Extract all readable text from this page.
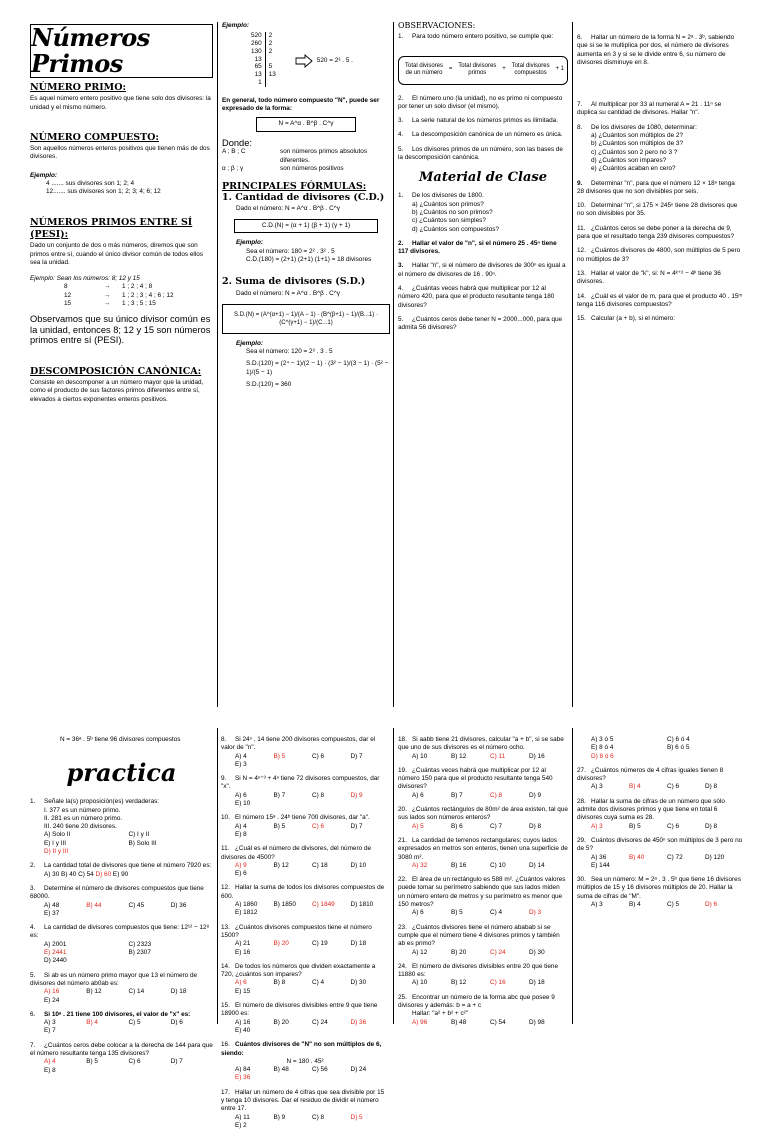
Números Primos
NÚMERO PRIMO:
Es aquel número entero positivo que tiene solo dos divisores: la unidad y el mismo número.
NÚMERO COMPUESTO:
Son aquellos números enteros positivos que tienen más de dos divisores.
Ejemplo:
4 ....... sus divisores son 1; 2; 4
12....... sus divisores son 1; 2; 3; 4; 6; 12
NÚMEROS PRIMOS ENTRE SÍ
(PESI):
Dado un conjunto de dos o más números, diremos que son primos entre sí, cuando el único divisor común de todos ellos sea la unidad.
Ejemplo: Sean los números: 8; 12 y 15
8	→	1 ; 2 ; 4 ; 8
12	→	1 ; 2 ; 3 ; 4 ; 6 ; 12
15	→	1 ; 3 ; 5 ; 15
Observamos que su único divisor común es la unidad, entonces 8; 12 y 15 son números primos entre sí (PESI).
DESCOMPOSICIÓN CANÓNICA:
Consiste en descomponer a un número mayor que la unidad, como el producto de sus factores primos diferentes entre sí, elevados a ciertos exponentes enteros positivos.
Ejemplo:
520	2
260	2
130	2
13	
65	5
13	13
1	
520 = 2³ . 5 .
En general, todo número compuesto "N", puede ser expresado de la forma:
N = A^α . B^β . C^γ
Donde:
A ; B ; C	son números primos absolutos diferentes.
α ; β ; γ	son números positivos
PRINCIPALES FÓRMULAS:
1. Cantidad de divisores (C.D.)
Dado el número: N = A^α . B^β . C^γ
C.D.(N) = (α + 1) (β + 1) (γ + 1)
Ejemplo:
Sea el número: 180 = 2² . 3² . 5
C.D.(180) = (2+1) (2+1) (1+1) = 18 divisores
2. Suma de divisores (S.D.)
Dado el número: N = A^α . B^β . C^γ
S.D.(N) = (A^(α+1) − 1)/(A − 1) · (B^(β+1) − 1)/(B...1) · (C^(γ+1) − 1)/(C...1)
Ejemplo:
Sea el número: 120 = 2³ . 3 . 5
S.D.(120) = (2⁴ − 1)/(2 − 1) · (3² − 1)/(3 − 1) · (5² − 1)/(5 − 1)
S.D.(120) = 360
OBSERVACIONES:
1. Para todo número entero positivo, se cumple que:
Total divisores de un número
=
Total divisores primos
+
Total divisores compuestos
+ 1
2. El número uno (la unidad), no es primo ni compuesto por tener un solo divisor (el mismo).
3. La serie natural de los números primos es ilimitada.
4. La descomposición canónica de un número es única.
5. Los divisores primos de un número, son las bases de la descomposición canónica.
Material de Clase
1. De los divisores de 1800.
a) ¿Cuántos son primos?
b) ¿Cuántos no son primos?
c) ¿Cuántos son simples?
d) ¿Cuántos son compuestos?
2. Hallar el valor de "n", si el número 25 . 45ⁿ tiene 117 divisores.
3. Hallar "n", si el número de divisores de 300ⁿ es igual a el número de divisores de 16 . 90ⁿ.
4. ¿Cuántas veces habrá que multiplicar por 12 al número 420, para que el producto resultante tenga 180 divisores?
5. ¿Cuántos ceros debe tener N = 2000...000, para que admita 56 divisores?
6. Hallar un número de la forma N = 2ᵃ . 3ᵇ, sabiendo que si se le multiplica por dos, el número de divisores aumenta en 3 y si se le divide entre 6, su número de divisores disminuye en 8.
7. Al multiplicar por 33 al numeral A = 21 . 11ⁿ se duplica su cantidad de divisores. Hallar "n".
8. De los divisores de 1080, determinar:
a) ¿Cuántos son múltiplos de 2?
b) ¿Cuántos son múltiplos de 3?
c) ¿Cuántos son 2 pero no 3 ?
d) ¿Cuántos son impares?
e) ¿Cuántos acaban en cero?
9. Determinar "n", para que el número 12 × 18ⁿ tenga 28 divisores que no son divisibles por seis.
10. Determinar "n", si 175 × 245ⁿ tiene 28 divisores que no son divisibles por 35.
11. ¿Cuántos ceros se debe poner a la derecha de 9, para que el resultado tenga 239 divisores compuestos?
12. ¿Cuántos divisores de 4800, son múltiplos de 5 pero no múltiplos de 3?
13. Hallar el valor de "k", si: N = 4ᵏ⁺² − 4ᵏ tiene 36 divisores.
14. ¿Cuál es el valor de m, para que el producto 40 . 15ᵐ tenga 116 divisores compuestos?
15. Calcular (a + b), si el número:
N = 36ᵃ . 5ᵇ tiene 96 divisores compuestos
practica
1. Señale la(s) proposición(es) verdaderas:
I. 377 es un número primo.
II. 281 es un número primo.
III. 240 tiene 20 divisores.
A) Solo II	C) I y II
E) I y III	B) Solo III
D) II y III
2. La cantidad total de divisores que tiene el número 7920 es:
A) 30 B) 40 C) 54 D) 60 E) 90
3. Determine el número de divisores compuestos que tiene 68000.
A) 48	B) 44	C) 45	D) 36
E) 37
4. La cantidad de divisores compuestos que tiene: 12¹² − 12⁸ es:
A) 2001	C) 2323
E) 2441	B) 2307
D) 2440
5. Si ab es un número primo mayor que 13 el número de divisores del número ab0ab es:
A) 16	B) 12	C) 14	D) 18
E) 24
6. Si 10ᵃ . 21 tiene 100 divisores, el valor de "x" es:
A) 3	B) 4	C) 5	D) 6
E) 7
7. ¿Cuántos ceros debe colocar a la derecha de 144 para que el número resultante tenga 135 divisores?
A) 4	B) 5	C) 6	D) 7
E) 8
8. Si 24ⁿ . 14 tiene 200 divisores compuestos, dar el valor de "n".
A) 4	B) 5	C) 6	D) 7
E) 3
9. Si N = 4ⁿ⁺³ + 4ⁿ tiene 72 divisores compuestos, dar "x".
A) 6	B) 7	C) 8	D) 9
E) 10
10. El número 15ᵃ . 24ᵇ tiene 700 divisores, dar "a".
A) 4	B) 5	C) 6	D) 7
E) 8
11. ¿Cuál es el número de divisores, del número de divisores de 4500?
A) 9	B) 12	C) 18	D) 10
E) 6
12. Hallar la suma de todos los divisores compuestos de 600.
A) 1860	B) 1850	C) 1849	D) 1810
E) 1812
13. ¿Cuántos divisores compuestos tiene el número 1500?
A) 21	B) 20	C) 19	D) 18
E) 16
14. De todos los números que dividen exactamente a 720, ¿cuántos son impares?
A) 6	B) 8	C) 4	D) 30
E) 15
15. El número de divisores divisibles entre 9 que tiene 18900 es:
A) 16	B) 20	C) 24	D) 36
E) 40
16. Cuántos divisores de "N" no son múltiplos de 6, siendo:
N = 180 . 45²
A) 84	B) 48	C) 56	D) 24
E) 36
17. Hallar un número de 4 cifras que sea divisible por 15 y tenga 10 divisores. Dar el residuo de dividir el número entre 17.
A) 11	B) 9	C) 8	D) 5
E) 2
18. Si aabb tiene 21 divisores, calcular "a + b", si se sabe que uno de sus divisores es el número ocho.
A) 10	B) 12	C) 11	D) 16
19. ¿Cuántas veces habrá que multiplicar por 12 al número 150 para que el producto resultante tenga 540 divisores?
A) 6	B) 7	C) 8	D) 9
20. ¿Cuántos rectángulos de 80m² de área existen, tal que sus lados son números enteros?
A) 5	B) 6	C) 7	D) 8
21. La cantidad de terrenos rectangulares; cuyos lados expresados en metros son enteros, tienen una superficie de 3080 m².
A) 32	B) 16	C) 10	D) 14
22. El área de un rectángulo es 588 m². ¿Cuántos valores puede tomar su perímetro sabiendo que sus lados miden un número entero de metros y su perímetro es menor que 150 metros?
A) 6	B) 5	C) 4	D) 3
23. ¿Cuántos divisores tiene el número ababab si se cumple que el número tiene 4 divisores primos y también ab es primo?
A) 12	B) 20	C) 24	D) 30
24. El número de divisores divisibles entre 20 que tiene 11880 es:
A) 10	B) 12	C) 16	D) 18
25. Encontrar un número de la forma abc que posee 9 divisores y además: b = a + c
Hallar: "a² + b² + c²"
A) 96	B) 48	C) 54	D) 98
A) 3 ó 5	C) 6 ó 4
E) 8 ó 4	B) 6 ó 5
D) 8 ó 6
27. ¿Cuántos números de 4 cifras iguales tienen 8 divisores?
A) 3	B) 4	C) 6	D) 8
28. Hallar la suma de cifras de un número que sólo admite dos divisores primos y que tiene en total 6 divisores cuya suma es 28.
A) 3	B) 5	C) 6	D) 8
29. Cuántos divisores de 450ⁿ son múltiplos de 3 pero no de 5?
A) 36	B) 40	C) 72	D) 120
E) 144
30. Sea un número: M = 2ᵃ . 3 . 5ᵇ que tiene 16 divisores múltiplos de 15 y 16 divisores múltiplos de 20. Hallar la suma de cifras de "M".
A) 3	B) 4	C) 5	D) 6
